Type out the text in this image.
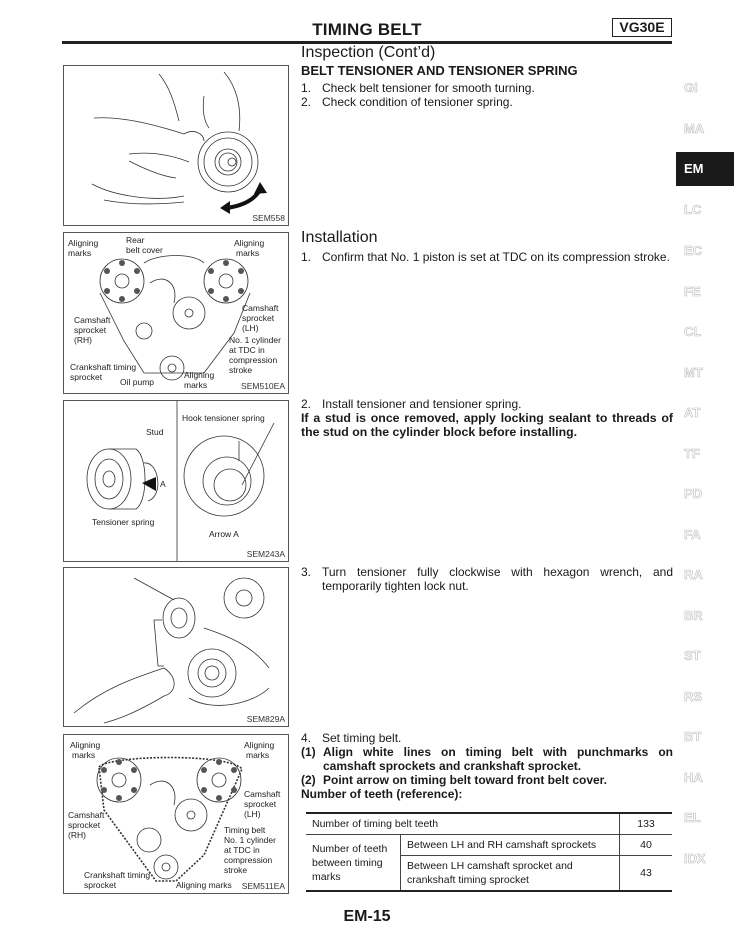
TIMING BELT	VG30E
Inspection (Cont’d)
BELT TENSIONER AND TENSIONER SPRING
1. Check belt tensioner for smooth turning.
2. Check condition of tensioner spring.
Installation
1. Confirm that No. 1 piston is set at TDC on its compression stroke.
2. Install tensioner and tensioner spring.
If a stud is once removed, apply locking sealant to threads of the stud on the cylinder block before installing.
3. Turn tensioner fully clockwise with hexagon wrench, and temporarily tighten lock nut.
4. Set timing belt.
(1) Align white lines on timing belt with punchmarks on camshaft sprockets and crankshaft sprocket.
(2) Point arrow on timing belt toward front belt cover.
Number of teeth (reference):
Number of timing belt teeth		133
Number of teeth between timing marks	Between LH and RH camshaft sprockets	40
	Between LH camshaft sprocket and crankshaft timing sprocket	43
SEM558
Aligning
marks
Rear
belt cover
Aligning
marks
Camshaft
sprocket
(LH)
Camshaft
sprocket
(RH)	No. 1 cylinder
at TDC in
compression
stroke
Crankshaft timing
sprocket Oil pump
Aligning
marks	SEM510EA
Stud
A
Hook tensioner spring
Tensioner spring
Arrow A
SEM243A
SEM829A
Aligning
marks
Aligning
marks
Camshaft
sprocket
(LH)
Camshaft
sprocket
(RH)	Timing belt
No. 1 cylinder
at TDC in
compression
stroke
Crankshaft timing
sprocket	Aligning marks SEM511EA
GI
MA
EM
LC
EC
FE
CL
MT
AT
TF
PD
FA
RA
BR
ST
RS
BT
HA
EL
IDX
EM-15
